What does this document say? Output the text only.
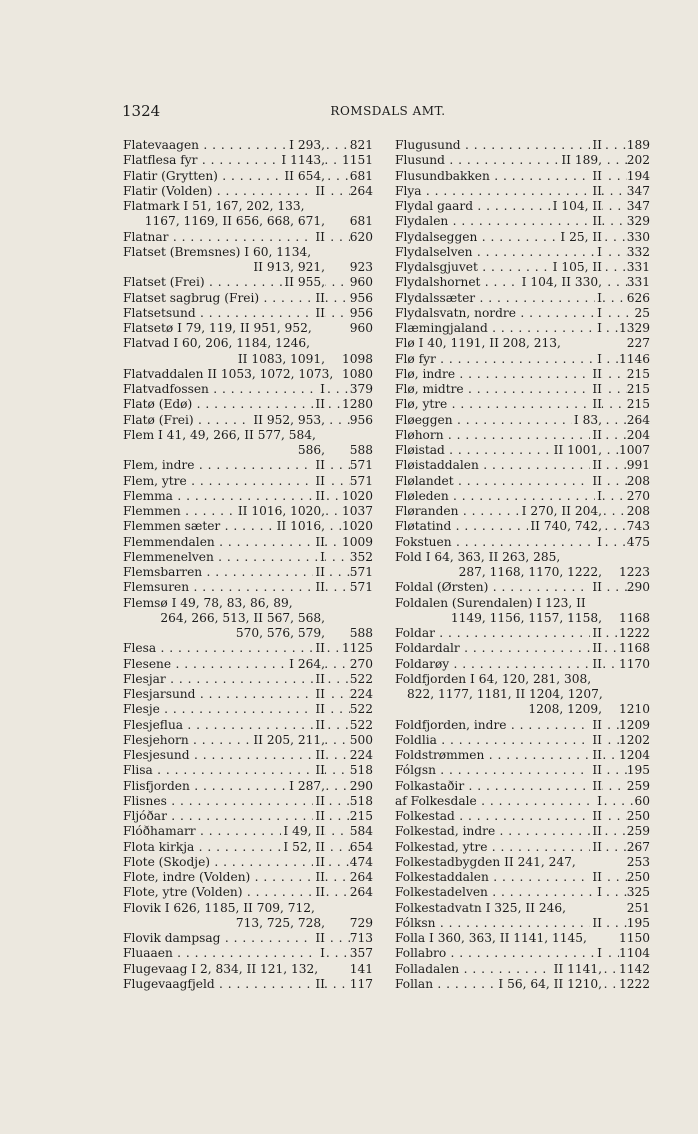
1324	ROMSDALS AMT.
Flatevaagen . . .	I 293, 821
Flatflesa fyr . . .	I 1143, 1151
Flatir (Grytten) . . .	II 654, 681
Flatir (Volden) . . .	II 264
Flatmark I 51, 167, 202, 133,
1167, 1169, II 656, 668, 671,	681
Flatnar . . .	II 620
Flatset (Bremsnes) I 60, 1134,
II 913, 921,	923
Flatset (Frei) . . .	II 955, 960
Flatset sagbrug (Frei) . . .	II 956
Flatsetsund . . .	II 956
Flatsetø I 79, 119, II 951, 952,	960
Flatvad I 60, 206, 1184, 1246,
II 1083, 1091,	1098
Flatvaddalen II 1053, 1072, 1073, 1080
Flatvadfossen . . .	I 379
Flatø (Edø) . . .	II 1280
Flatø (Frei) . . .	II 952, 953, 956
Flem I 41, 49, 266, II 577, 584,
586,	588
Flem, indre . . .	II 571
Flem, ytre . . .	II 571
Flemma . . .	II 1020
Flemmen . . .	II 1016, 1020, 1037
Flemmen sæter . . .	II 1016, 1020
Flemmendalen . . .	II 1009
Flemmenelven . . .	I 352
Flemsbarren . . .	II 571
Flemsuren . . .	II 571
Flemsø I 49, 78, 83, 86, 89,
264, 266, 513, II 567, 568,
570, 576, 579,	588
Flesa . . .	II 1125
Flesene . . .	I 264, 270
Flesjar . . .	II 522
Flesjarsund . . .	II 224
Flesje . . .	II 522
Flesjeflua . . .	II 522
Flesjehorn . . .	II 205, 211, 500
Flesjesund . . .	II 224
Flisa . . .	II 518
Flisfjorden . . .	I 287, 290
Flisnes . . .	II 518
Fljóðar . . .	II 215
Flóðhamarr . . .	I 49, II 584
Flota kirkja . . .	I 52, II 654
Flote (Skodje) . . .	II 474
Flote, indre (Volden) . . .	II 264
Flote, ytre (Volden) . . .	II 264
Flovik I 626, 1185, II 709, 712,
713, 725, 728,	729
Flovik dampsag . . .	II 713
Fluaaen . . .	I 357
Flugevaag I 2, 834, II 121, 132,	141
Flugevaagfjeld . . .	II 117
Flugusund . . .	II 189
Flusund . . .	II 189, 202
Flusundbakken . . .	II 194
Flya . . .	II 347
Flydal gaard . . .	I 104, II 347
Flydalen . . .	II 329
Flydalseggen . . .	I 25, II 330
Flydalselven . . .	I 332
Flydalsgjuvet . . .	I 105, II 331
Flydalshornet . . .	I 104, II 330, 331
Flydalssæter . . .	I 626
Flydalsvatn, nordre . . .	I	25
Flæmingjaland . . .	I 1329
Flø I 40, 1191, II 208, 213,	227
Flø fyr . . .	I 1146
Flø, indre . . .	II 215
Flø, midtre . . .	II 215
Flø, ytre . . .	II 215
Fløeggen . . .	I 83, 264
Fløhorn . . .	II 204
Fløistad . . .	II 1001, 1007
Fløistaddalen . . .	II 991
Flølandet . . .	II 208
Fløleden . . .	I 270
Fløranden . . .	I 270, II 204, 208
Fløtatind . . .	II 740, 742, 743
Fokstuen . . .	I 475
Fold I 64, 363, II 263, 285,
287, 1168, 1170, 1222,	1223
Foldal (Ørsten) . . .	II 290
Foldalen (Surendalen) I 123, II
1149, 1156, 1157, 1158,	1168
Foldar . . .	II 1222
Foldardalr . . .	II 1168
Foldarøy . . .	II 1170
Foldfjorden I 64, 120, 281, 308,
822, 1177, 1181, II 1204, 1207,
1208, 1209,	1210
Foldfjorden, indre . . .	II 1209
Foldlia . . .	II 1202
Foldstrømmen . . .	II 1204
Fólgsn . . .	II 195
Folkastaðir . . .	II 259
af Folkesdale . . .	I	60
Folkestad . . .	II 250
Folkestad, indre . . .	II 259
Folkestad, ytre . . .	II 267
Folkestadbygden II 241, 247,	253
Folkestaddalen . . .	II 250
Folkestadelven . . .	I 325
Folkestadvatn I 325, II 246,	251
Fólksn . . .	II 195
Folla I 360, 363, II 1141, 1145,	1150
Follabro . . .	I 1104
Folladalen . . .	II 1141, 1142
Follan . . .	I 56, 64, II 1210, 1222
